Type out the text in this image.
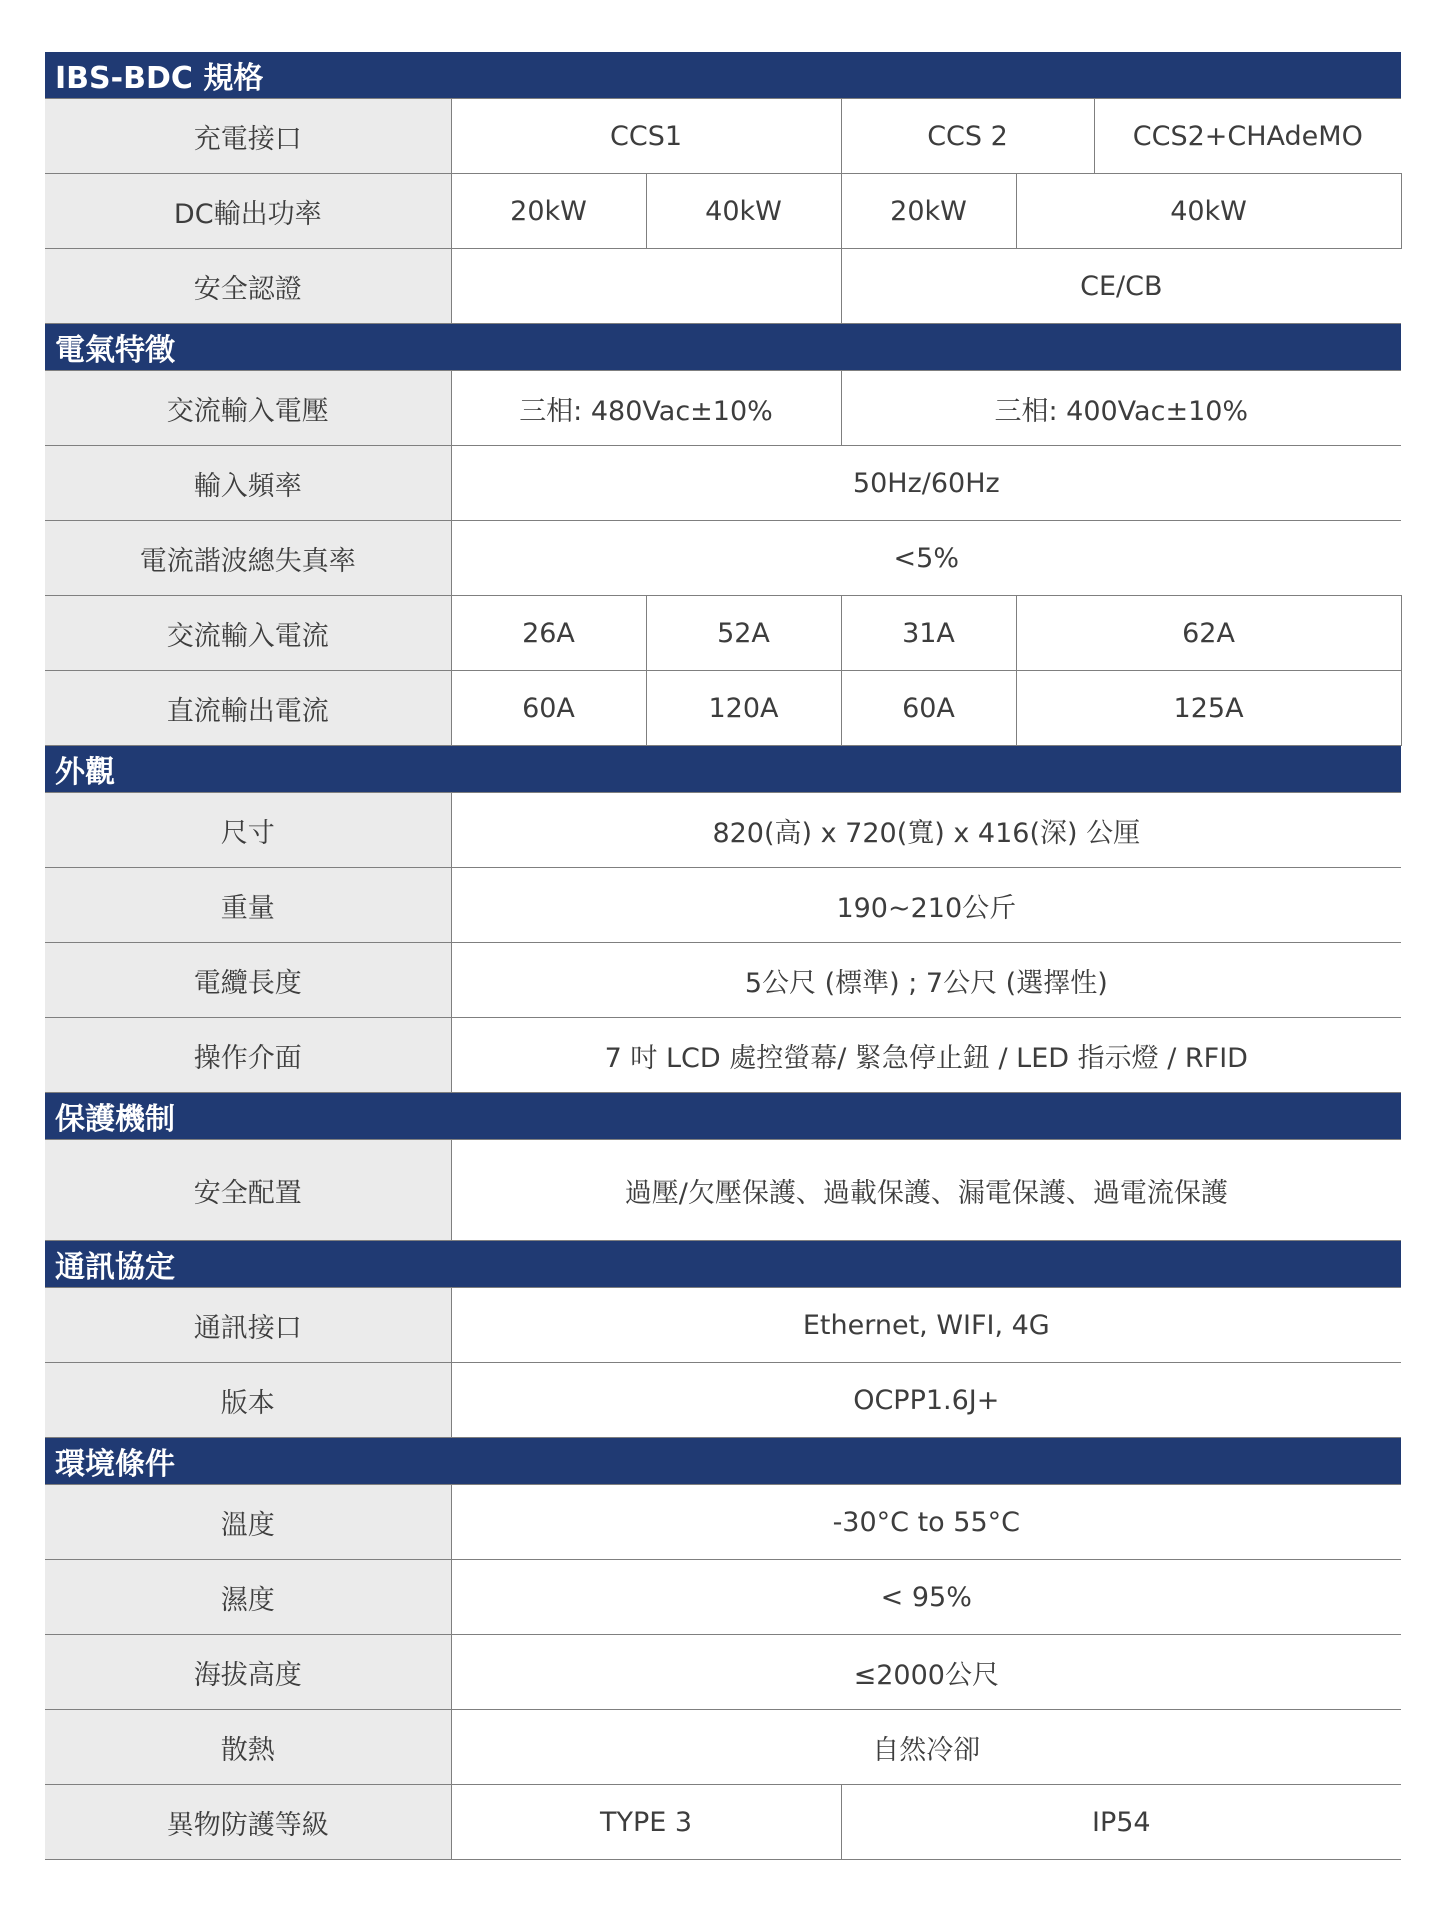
IBS-BDC 規格						
充電接口	CCS1		CCS 2		CCS2+CHAdeMO	
DC輸出功率	20kW	40kW	20kW	40kW	
安全認證			CE/CB			
電氣特徵						
交流輸入電壓	三相: 480Vac±10%		三相: 400Vac±10%			
輸入頻率	50Hz/60Hz					
電流諧波總失真率	<5%					
交流輸入電流	26A	52A	31A	62A	
直流輸出電流	60A	120A	60A	125A	
外觀						
尺寸	820(高) x 720(寬) x 416(深) 公厘					
重量	190~210公斤					
電纜長度	5公尺 (標準) ; 7公尺 (選擇性)					
操作介面	7 吋 LCD 處控螢幕/ 緊急停止鈕 / LED 指示燈 / RFID					
保護機制						
安全配置	過壓/欠壓保護、過載保護、漏電保護、過電流保護					
通訊協定						
通訊接口	Ethernet, WIFI, 4G					
版本	OCPP1.6J+					
環境條件						
溫度	-30°C to 55°C					
濕度	< 95%					
海拔高度	≤2000公尺					
散熱	自然冷卻					
異物防護等級	TYPE 3		IP54			
